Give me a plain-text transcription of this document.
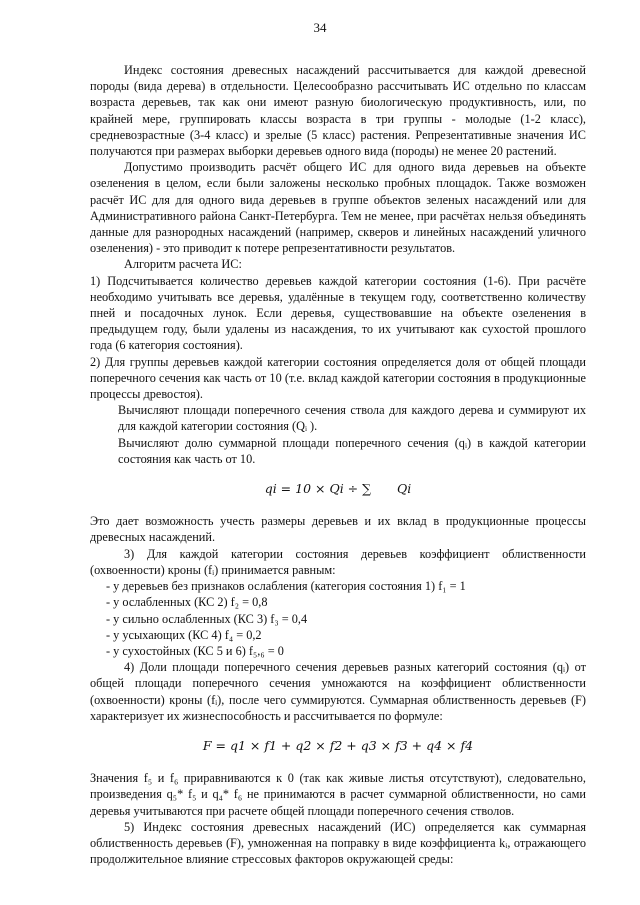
34

Индекс состояния древесных насаждений рассчитывается для каждой древесной породы (вида дерева) в отдельности. Целесообразно рассчитывать ИС отдельно по классам возраста деревьев, так как они имеют разную биологическую продуктивность, или, по крайней мере, группировать классы возраста в три группы - молодые (1-2 класс), средневозрастные (3-4 класс) и зрелые (5 класс) растения. Репрезентативные значения ИС получаются при размерах выборки деревьев одного вида (породы) не менее 20 растений.

Допустимо производить расчёт общего ИС для одного вида деревьев на объекте озеленения в целом, если были заложены несколько пробных площадок. Также возможен расчёт ИС для для одного вида деревьев в группе объектов зеленых насаждений или для Административного района Санкт-Петербурга. Тем не менее, при расчётах нельзя объединять данные для разнородных насаждений (например, скверов и линейных насаждений уличного озеленения) - это приводит к потере репрезентативности результатов.

Алгоритм расчета ИС:

1) Подсчитывается количество деревьев каждой категории состояния (1-6). При расчёте необходимо учитывать все деревья, удалённые в текущем году, соответственно количеству пней и посадочных лунок. Если деревья, существовавшие на объекте озеленения в предыдущем году, были удалены из насаждения, то их учитывают как сухостой прошлого года (6 категория состояния).

2) Для группы деревьев каждой категории состояния определяется доля от общей площади поперечного сечения как часть от 10 (т.е. вклад каждой категории состояния в продукционные процессы древостоя).

Вычисляют площади поперечного сечения ствола для каждого дерева и суммируют их для каждой категории состояния (Qᵢ ).

Вычисляют долю суммарной площади поперечного сечения (qᵢ) в каждой категории состояния как часть от 10.

qi = 10 × Qi ÷ ∑ Qi

Это дает возможность учесть размеры деревьев и их вклад в продукционные процессы древесных насаждений.

3) Для каждой категории состояния деревьев коэффициент облиственности (охвоенности) кроны (fᵢ) принимается равным:

- у деревьев без признаков ослабления (категория состояния 1) f₁ = 1

- у ослабленных (КС 2) f₂ = 0,8

- у сильно ослабленных (КС 3) f₃ = 0,4

- у усыхающих (КС 4) f₄ = 0,2

- у сухостойных (КС 5 и 6) f₅,₆ = 0

4) Доли площади поперечного сечения деревьев разных категорий состояния (qᵢ) от общей площади поперечного сечения умножаются на коэффициент облиственности (охвоенности) кроны (fᵢ), после чего суммируются. Суммарная облиственность деревьев (F) характеризует их жизнеспособность и рассчитывается по формуле:

F = q1 × f1 + q2 × f2 + q3 × f3 + q4 × f4

Значения f₅ и f₆ приравниваются к 0 (так как живые листья отсутствуют), следовательно, произведения q₅* f₅ и q₄* f₆ не принимаются в расчет суммарной облиственности, но сами деревья учитываются при расчете общей площади поперечного сечения стволов.

5) Индекс состояния древесных насаждений (ИС) определяется как суммарная облиственность деревьев (F), умноженная на поправку в виде коэффициента kᵢ, отражающего продолжительное влияние стрессовых факторов окружающей среды:
